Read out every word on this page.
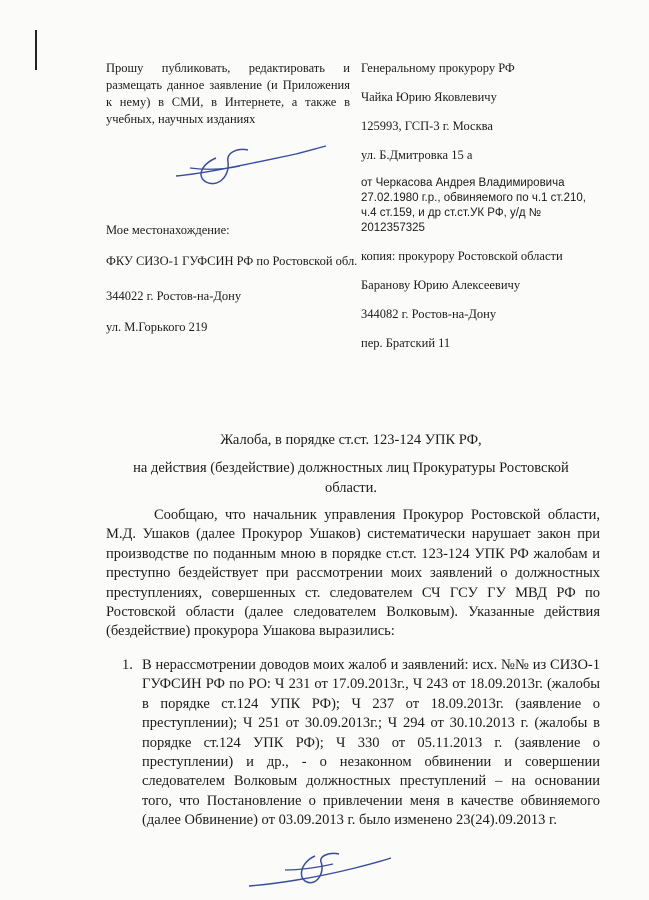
Прошу публиковать, редактировать и размещать данное заявление (и Приложения к нему) в СМИ, в Интернете, а также в учебных, научных изданиях

Мое местонахождение:

ФКУ СИЗО-1 ГУФСИН РФ по Ростовской обл.

344022 г. Ростов-на-Дону

ул. М.Горького 219

Генеральному прокурору РФ

Чайка Юрию Яковлевичу

125993, ГСП-3 г. Москва

ул. Б.Дмитровка 15 а

от Черкасова Андрея Владимировича 27.02.1980 г.р., обвиняемого по ч.1 ст.210, ч.4 ст.159, и др ст.ст.УК РФ, у/д № 2012357325

копия: прокурору Ростовской области

Баранову Юрию Алексеевичу

344082 г. Ростов-на-Дону

пер. Братский 11

Жалоба, в порядке ст.ст. 123-124 УПК РФ,
на действия (бездействие) должностных лиц Прокуратуры Ростовской области.

Сообщаю, что начальник управления Прокурор Ростовской области, М.Д. Ушаков (далее Прокурор Ушаков) систематически нарушает закон при производстве по поданным мною в порядке ст.ст. 123-124 УПК РФ жалобам и преступно бездействует при рассмотрении моих заявлений о должностных преступлениях, совершенных ст. следователем СЧ ГСУ ГУ МВД РФ по Ростовской области (далее следователем Волковым). Указанные действия (бездействие) прокурора Ушакова выразились:

1. В нерассмотрении доводов моих жалоб и заявлений: исх. №№ из СИЗО-1 ГУФСИН РФ по РО: Ч 231 от 17.09.2013г., Ч 243 от 18.09.2013г. (жалобы в порядке ст.124 УПК РФ); Ч 237 от 18.09.2013г. (заявление о преступлении); Ч 251 от 30.09.2013г.; Ч 294 от 30.10.2013 г. (жалобы в порядке ст.124 УПК РФ); Ч 330 от 05.11.2013 г. (заявление о преступлении) и др., - о незаконном обвинении и совершении следователем Волковым должностных преступлений – на основании того, что Постановление о привлечении меня в качестве обвиняемого (далее Обвинение) от 03.09.2013 г. было изменено 23(24).09.2013 г.
